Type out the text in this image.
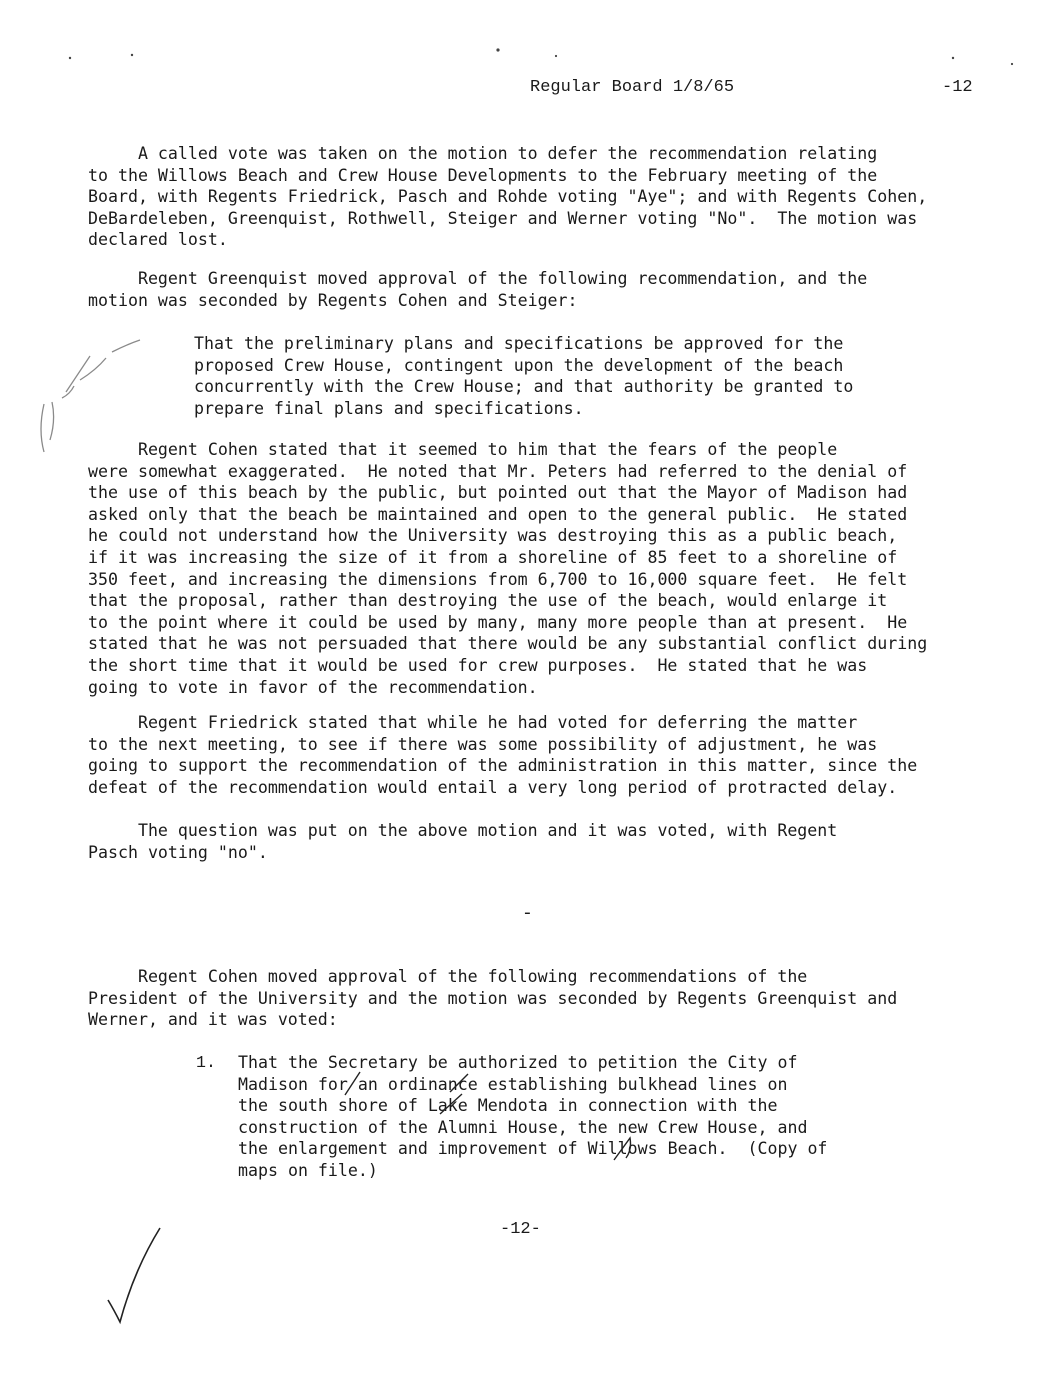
Regular Board 1/8/65	-12
A called vote was taken on the motion to defer the recommendation relating
to the Willows Beach and Crew House Developments to the February meeting of the
Board, with Regents Friedrick, Pasch and Rohde voting "Aye"; and with Regents Cohen,
DeBardeleben, Greenquist, Rothwell, Steiger and Werner voting "No".  The motion was
declared lost.
Regent Greenquist moved approval of the following recommendation, and the
motion was seconded by Regents Cohen and Steiger:
That the preliminary plans and specifications be approved for the
proposed Crew House, contingent upon the development of the beach
concurrently with the Crew House; and that authority be granted to
prepare final plans and specifications.
Regent Cohen stated that it seemed to him that the fears of the people
were somewhat exaggerated.  He noted that Mr. Peters had referred to the denial of
the use of this beach by the public, but pointed out that the Mayor of Madison had
asked only that the beach be maintained and open to the general public.  He stated
he could not understand how the University was destroying this as a public beach,
if it was increasing the size of it from a shoreline of 85 feet to a shoreline of
350 feet, and increasing the dimensions from 6,700 to 16,000 square feet.  He felt
that the proposal, rather than destroying the use of the beach, would enlarge it
to the point where it could be used by many, many more people than at present.  He
stated that he was not persuaded that there would be any substantial conflict during
the short time that it would be used for crew purposes.  He stated that he was
going to vote in favor of the recommendation.
Regent Friedrick stated that while he had voted for deferring the matter
to the next meeting, to see if there was some possibility of adjustment, he was
going to support the recommendation of the administration in this matter, since the
defeat of the recommendation would entail a very long period of protracted delay.
The question was put on the above motion and it was voted, with Regent
Pasch voting "no".
-
Regent Cohen moved approval of the following recommendations of the
President of the University and the motion was seconded by Regents Greenquist and
Werner, and it was voted:
1. That the Secretary be authorized to petition the City of
Madison for an ordinance establishing bulkhead lines on
the south shore of Lake Mendota in connection with the
construction of the Alumni House, the new Crew House, and
the enlargement and improvement of Willows Beach.  (Copy of
maps on file.)
-12-
